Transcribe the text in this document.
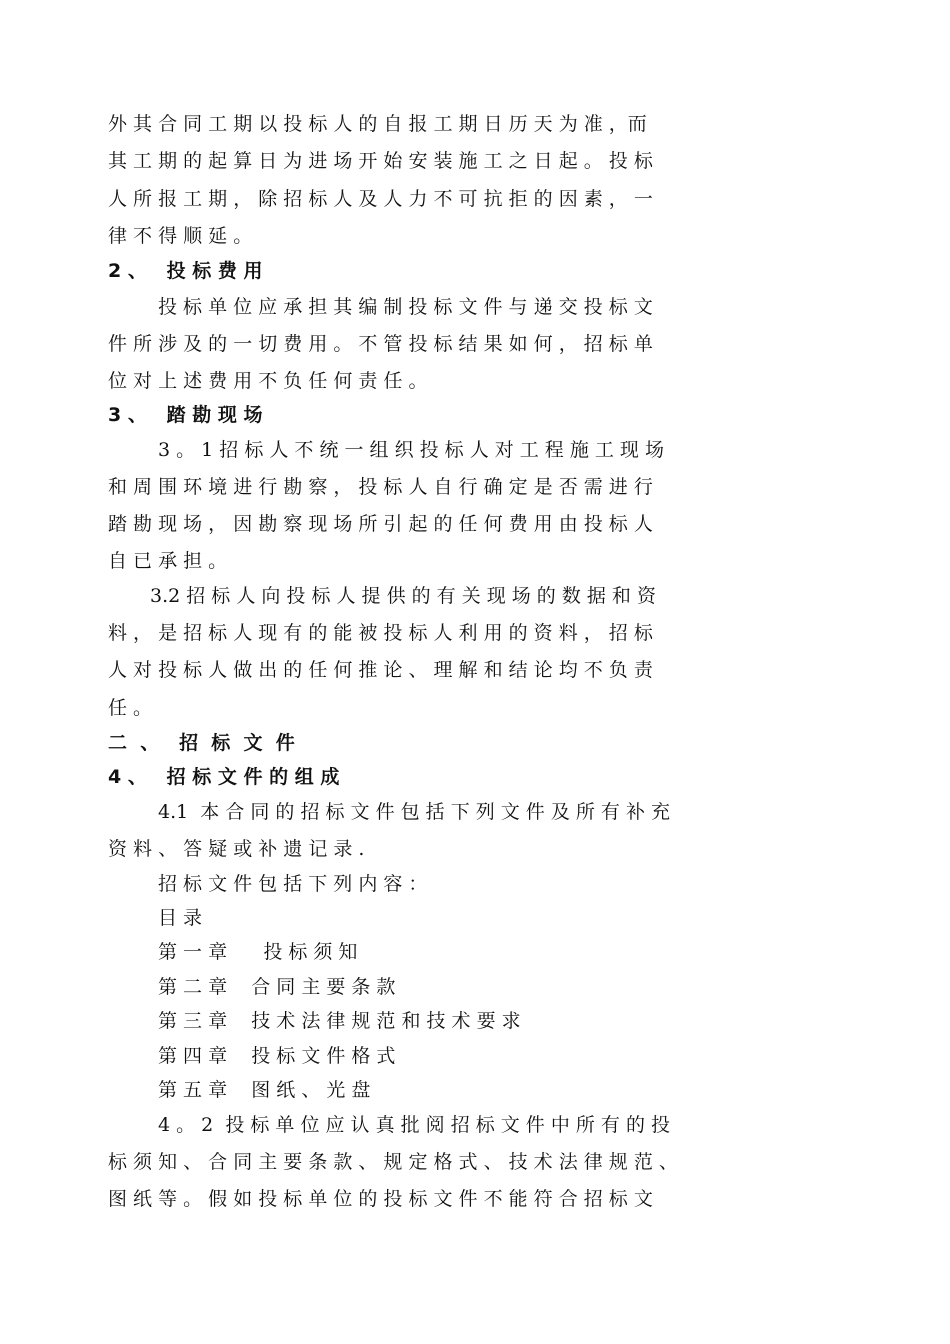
外 其 合 同 工 期 以 投 标 人 的 自 报 工 期 日 历 天 为 准 ，而
其 工 期 的 起 算 日 为 进 场 开 始 安 装 施 工 之 日 起 。 投 标
人 所 报 工 期 ， 除 招 标 人 及 人 力 不 可 抗 拒 的 因 素 ， 一
律 不 得 顺 延 。
2 、   投 标 费 用
投 标 单 位 应 承 担 其 编 制 投 标 文 件 与 递 交 投 标 文
件 所 涉 及 的 一 切 费 用 。 不 管 投 标 结 果 如 何 ， 招 标 单
位 对 上 述 费 用 不 负 任 何 责 任 。
3 、   踏 勘 现 场
3 。 1 招 标 人 不 统 一 组 织 投 标 人 对 工 程 施 工 现 场
和 周 围 环 境 进 行 勘 察 ， 投 标 人 自 行 确 定 是 否 需 进 行
踏 勘 现 场 ， 因 勘 察 现 场 所 引 起 的 任 何 费 用 由 投 标 人
自 已 承 担 。
3.2 招 标 人 向 投 标 人 提 供 的 有 关 现 场 的 数 据 和 资
料 ， 是 招 标 人 现 有 的 能 被 投 标 人 利 用 的 资 料 ， 招 标
人 对 投 标 人 做 出 的 任 何 推 论 、 理 解 和 结 论 均 不 负 责
任 。
二  、   招  标  文  件
4 、   招 标 文 件 的 组 成
4.1  本 合 同 的 招 标 文 件 包 括 下 列 文 件 及 所 有 补 充
资 料 、 答 疑 或 补 遗 记 录 .
招 标 文 件 包 括 下 列 内 容 ：
目 录
第 一 章      投 标 须 知
第 二 章    合 同 主 要 条 款
第 三 章    技 术 法 律 规 范 和 技 术 要 求
第 四 章    投 标 文 件 格 式
第 五 章    图 纸 、 光 盘
4 。 2  投 标 单 位 应 认 真 批 阅 招 标 文 件 中 所 有 的 投
标 须 知 、 合 同 主 要 条 款 、 规 定 格 式 、 技 术 法 律 规 范 、
图 纸 等 。 假 如 投 标 单 位 的 投 标 文 件 不 能 符 合 招 标 文
